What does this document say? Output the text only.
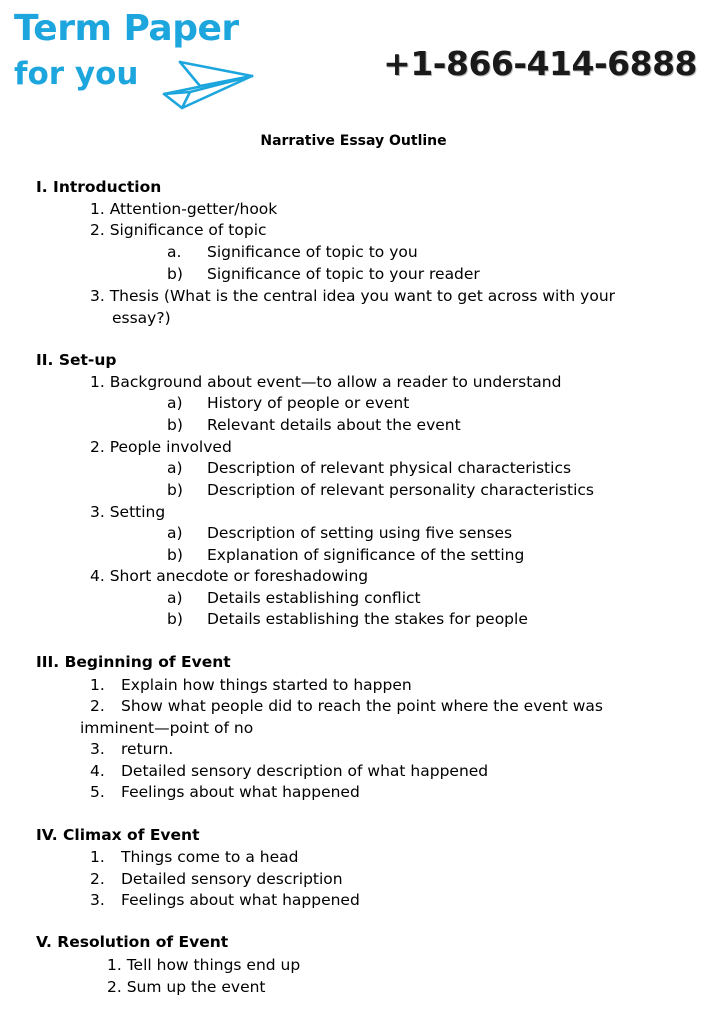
Term Paper
for you	+1-866-414-6888
Narrative Essay Outline
I. Introduction
1. Attention-getter/hook
2. Significance of topic
a. Significance of topic to you
b) Significance of topic to your reader
3. Thesis (What is the central idea you want to get across with your
essay?)
II. Set-up
1. Background about event—to allow a reader to understand
a) History of people or event
b) Relevant details about the event
2. People involved
a) Description of relevant physical characteristics
b) Description of relevant personality characteristics
3. Setting
a) Description of setting using five senses
b) Explanation of significance of the setting
4. Short anecdote or foreshadowing
a) Details establishing conflict
b) Details establishing the stakes for people
III. Beginning of Event
1. Explain how things started to happen
2. Show what people did to reach the point where the event was
imminent—point of no
3. return.
4. Detailed sensory description of what happened
5. Feelings about what happened
IV. Climax of Event
1. Things come to a head
2. Detailed sensory description
3. Feelings about what happened
V. Resolution of Event
1. Tell how things end up
2. Sum up the event
